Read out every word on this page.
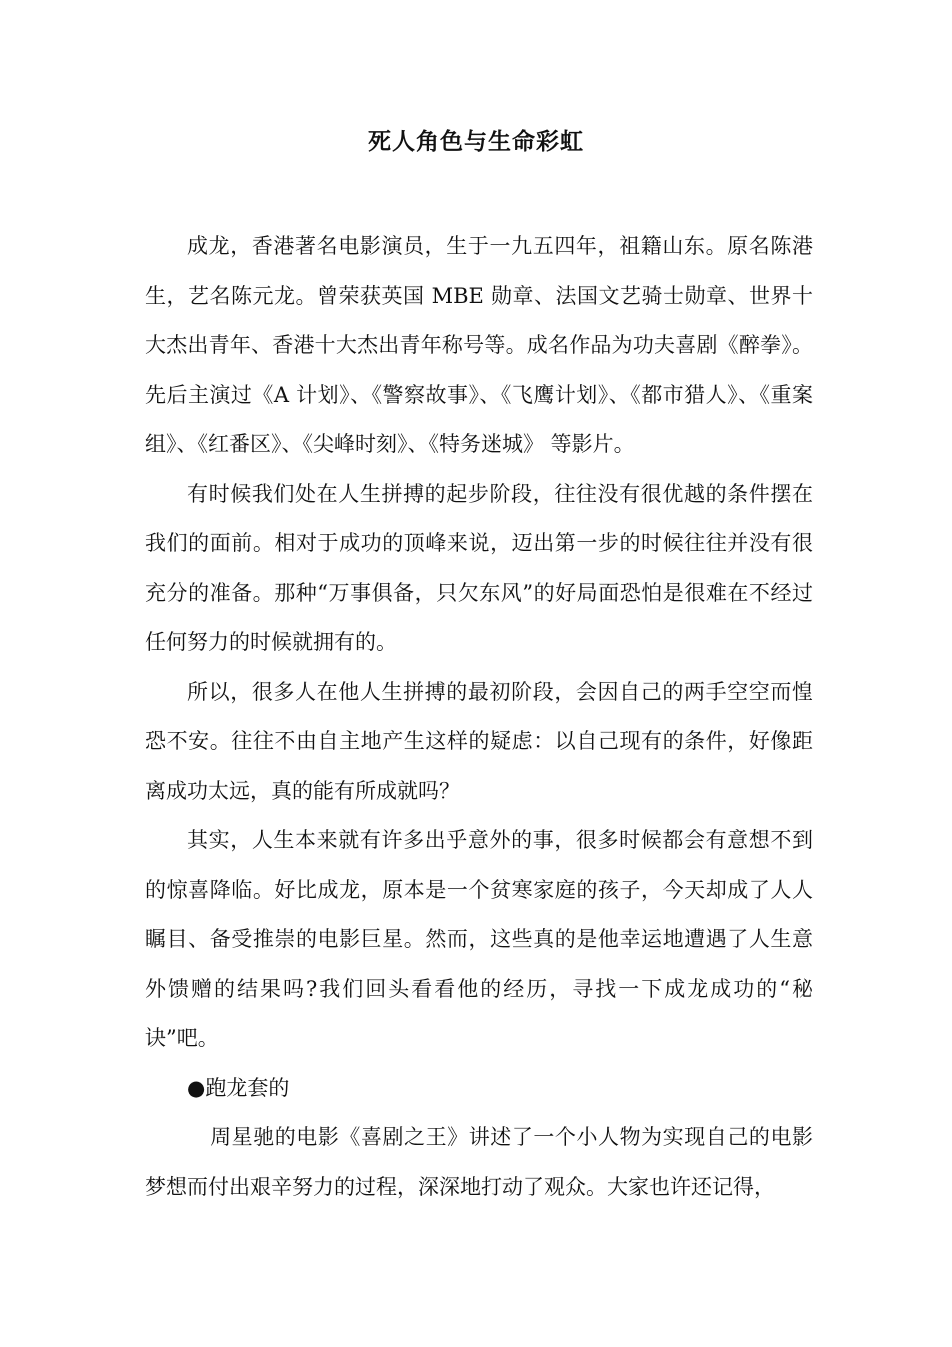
死人角色与生命彩虹

成龙，香港著名电影演员，生于一九五四年，祖籍山东。原名陈港生，艺名陈元龙。曾荣获英国 MBE 勋章、法国文艺骑士勋章、世界十大杰出青年、香港十大杰出青年称号等。成名作品为功夫喜剧《醉拳》。先后主演过《A 计划》、《警察故事》、《飞鹰计划》、《都市猎人》、《重案组》、《红番区》、《尖峰时刻》、《特务迷城》 等影片。

有时候我们处在人生拼搏的起步阶段，往往没有很优越的条件摆在我们的面前。相对于成功的顶峰来说，迈出第一步的时候往往并没有很充分的准备。那种“万事俱备，只欠东风”的好局面恐怕是很难在不经过任何努力的时候就拥有的。

所以，很多人在他人生拼搏的最初阶段，会因自己的两手空空而惶恐不安。往往不由自主地产生这样的疑虑：以自己现有的条件，好像距离成功太远，真的能有所成就吗？

其实，人生本来就有许多出乎意外的事，很多时候都会有意想不到的惊喜降临。好比成龙，原本是一个贫寒家庭的孩子，今天却成了人人瞩目、备受推崇的电影巨星。然而，这些真的是他幸运地遭遇了人生意外馈赠的结果吗?我们回头看看他的经历，寻找一下成龙成功的“秘诀”吧。

●跑龙套的

周星驰的电影《喜剧之王》讲述了一个小人物为实现自己的电影梦想而付出艰辛努力的过程，深深地打动了观众。大家也许还记得，
